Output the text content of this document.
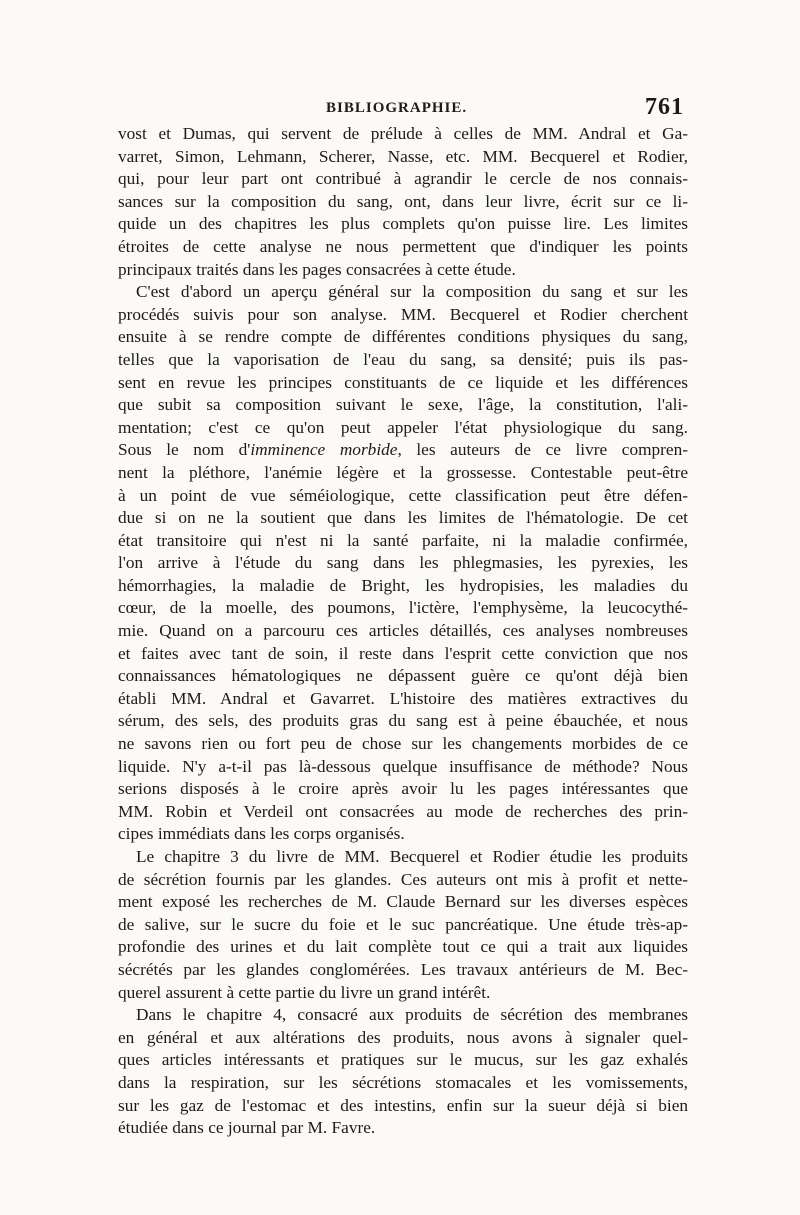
BIBLIOGRAPHIE.	761
vost et Dumas, qui servent de prélude à celles de MM. Andral et Ga-
varret, Simon, Lehmann, Scherer, Nasse, etc. MM. Becquerel et Rodier,
qui, pour leur part ont contribué à agrandir le cercle de nos connais-
sances sur la composition du sang, ont, dans leur livre, écrit sur ce li-
quide un des chapitres les plus complets qu'on puisse lire. Les limites
étroites de cette analyse ne nous permettent que d'indiquer les points
principaux traités dans les pages consacrées à cette étude.
C'est d'abord un aperçu général sur la composition du sang et sur les
procédés suivis pour son analyse. MM. Becquerel et Rodier cherchent
ensuite à se rendre compte de différentes conditions physiques du sang,
telles que la vaporisation de l'eau du sang, sa densité; puis ils pas-
sent en revue les principes constituants de ce liquide et les différences
que subit sa composition suivant le sexe, l'âge, la constitution, l'ali-
mentation; c'est ce qu'on peut appeler l'état physiologique du sang.
Sous le nom d'imminence morbide, les auteurs de ce livre compren-
nent la pléthore, l'anémie légère et la grossesse. Contestable peut-être
à un point de vue séméiologique, cette classification peut être défen-
due si on ne la soutient que dans les limites de l'hématologie. De cet
état transitoire qui n'est ni la santé parfaite, ni la maladie confirmée,
l'on arrive à l'étude du sang dans les phlegmasies, les pyrexies, les
hémorrhagies, la maladie de Bright, les hydropisies, les maladies du
cœur, de la moelle, des poumons, l'ictère, l'emphysème, la leucocythé-
mie. Quand on a parcouru ces articles détaillés, ces analyses nombreuses
et faites avec tant de soin, il reste dans l'esprit cette conviction que nos
connaissances hématologiques ne dépassent guère ce qu'ont déjà bien
établi MM. Andral et Gavarret. L'histoire des matières extractives du
sérum, des sels, des produits gras du sang est à peine ébauchée, et nous
ne savons rien ou fort peu de chose sur les changements morbides de ce
liquide. N'y a-t-il pas là-dessous quelque insuffisance de méthode? Nous
serions disposés à le croire après avoir lu les pages intéressantes que
MM. Robin et Verdeil ont consacrées au mode de recherches des prin-
cipes immédiats dans les corps organisés.
Le chapitre 3 du livre de MM. Becquerel et Rodier étudie les produits
de sécrétion fournis par les glandes. Ces auteurs ont mis à profit et nette-
ment exposé les recherches de M. Claude Bernard sur les diverses espèces
de salive, sur le sucre du foie et le suc pancréatique. Une étude très-ap-
profondie des urines et du lait complète tout ce qui a trait aux liquides
sécrétés par les glandes conglomérées. Les travaux antérieurs de M. Bec-
querel assurent à cette partie du livre un grand intérêt.
Dans le chapitre 4, consacré aux produits de sécrétion des membranes
en général et aux altérations des produits, nous avons à signaler quel-
ques articles intéressants et pratiques sur le mucus, sur les gaz exhalés
dans la respiration, sur les sécrétions stomacales et les vomissements,
sur les gaz de l'estomac et des intestins, enfin sur la sueur déjà si bien
étudiée dans ce journal par M. Favre.
